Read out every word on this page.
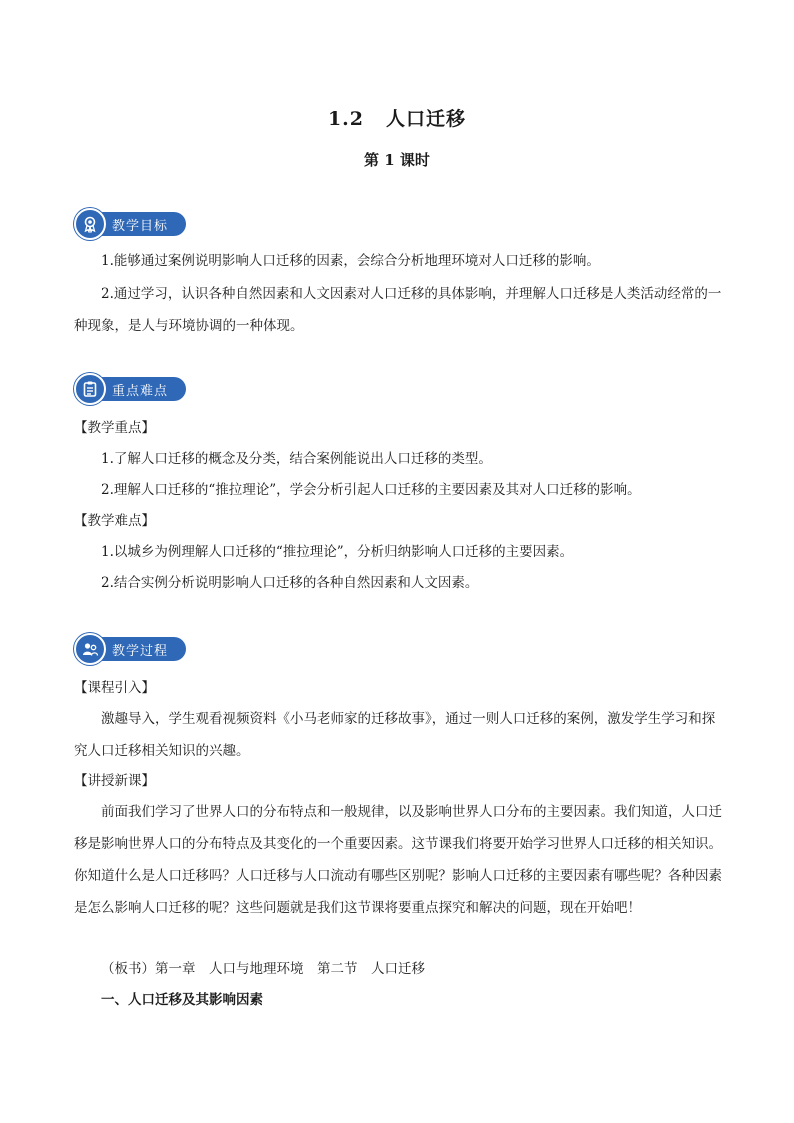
1.2 人口迁移
第 1 课时
教学目标

1.能够通过案例说明影响人口迁移的因素，会综合分析地理环境对人口迁移的影响。

2.通过学习，认识各种自然因素和人文因素对人口迁移的具体影响，并理解人口迁移是人类活动经常的一种现象，是人与环境协调的一种体现。

重点难点

【教学重点】

1.了解人口迁移的概念及分类，结合案例能说出人口迁移的类型。

2.理解人口迁移的“推拉理论”，学会分析引起人口迁移的主要因素及其对人口迁移的影响。

【教学难点】

1.以城乡为例理解人口迁移的“推拉理论”，分析归纳影响人口迁移的主要因素。

2.结合实例分析说明影响人口迁移的各种自然因素和人文因素。

教学过程

【课程引入】

激趣导入，学生观看视频资料《小马老师家的迁移故事》，通过一则人口迁移的案例，激发学生学习和探究人口迁移相关知识的兴趣。

【讲授新课】

前面我们学习了世界人口的分布特点和一般规律，以及影响世界人口分布的主要因素。我们知道，人口迁移是影响世界人口的分布特点及其变化的一个重要因素。这节课我们将要开始学习世界人口迁移的相关知识。你知道什么是人口迁移吗？人口迁移与人口流动有哪些区别呢？影响人口迁移的主要因素有哪些呢？各种因素是怎么影响人口迁移的呢？这些问题就是我们这节课将要重点探究和解决的问题，现在开始吧！

（板书）第一章　人口与地理环境　第二节　人口迁移

一、人口迁移及其影响因素
